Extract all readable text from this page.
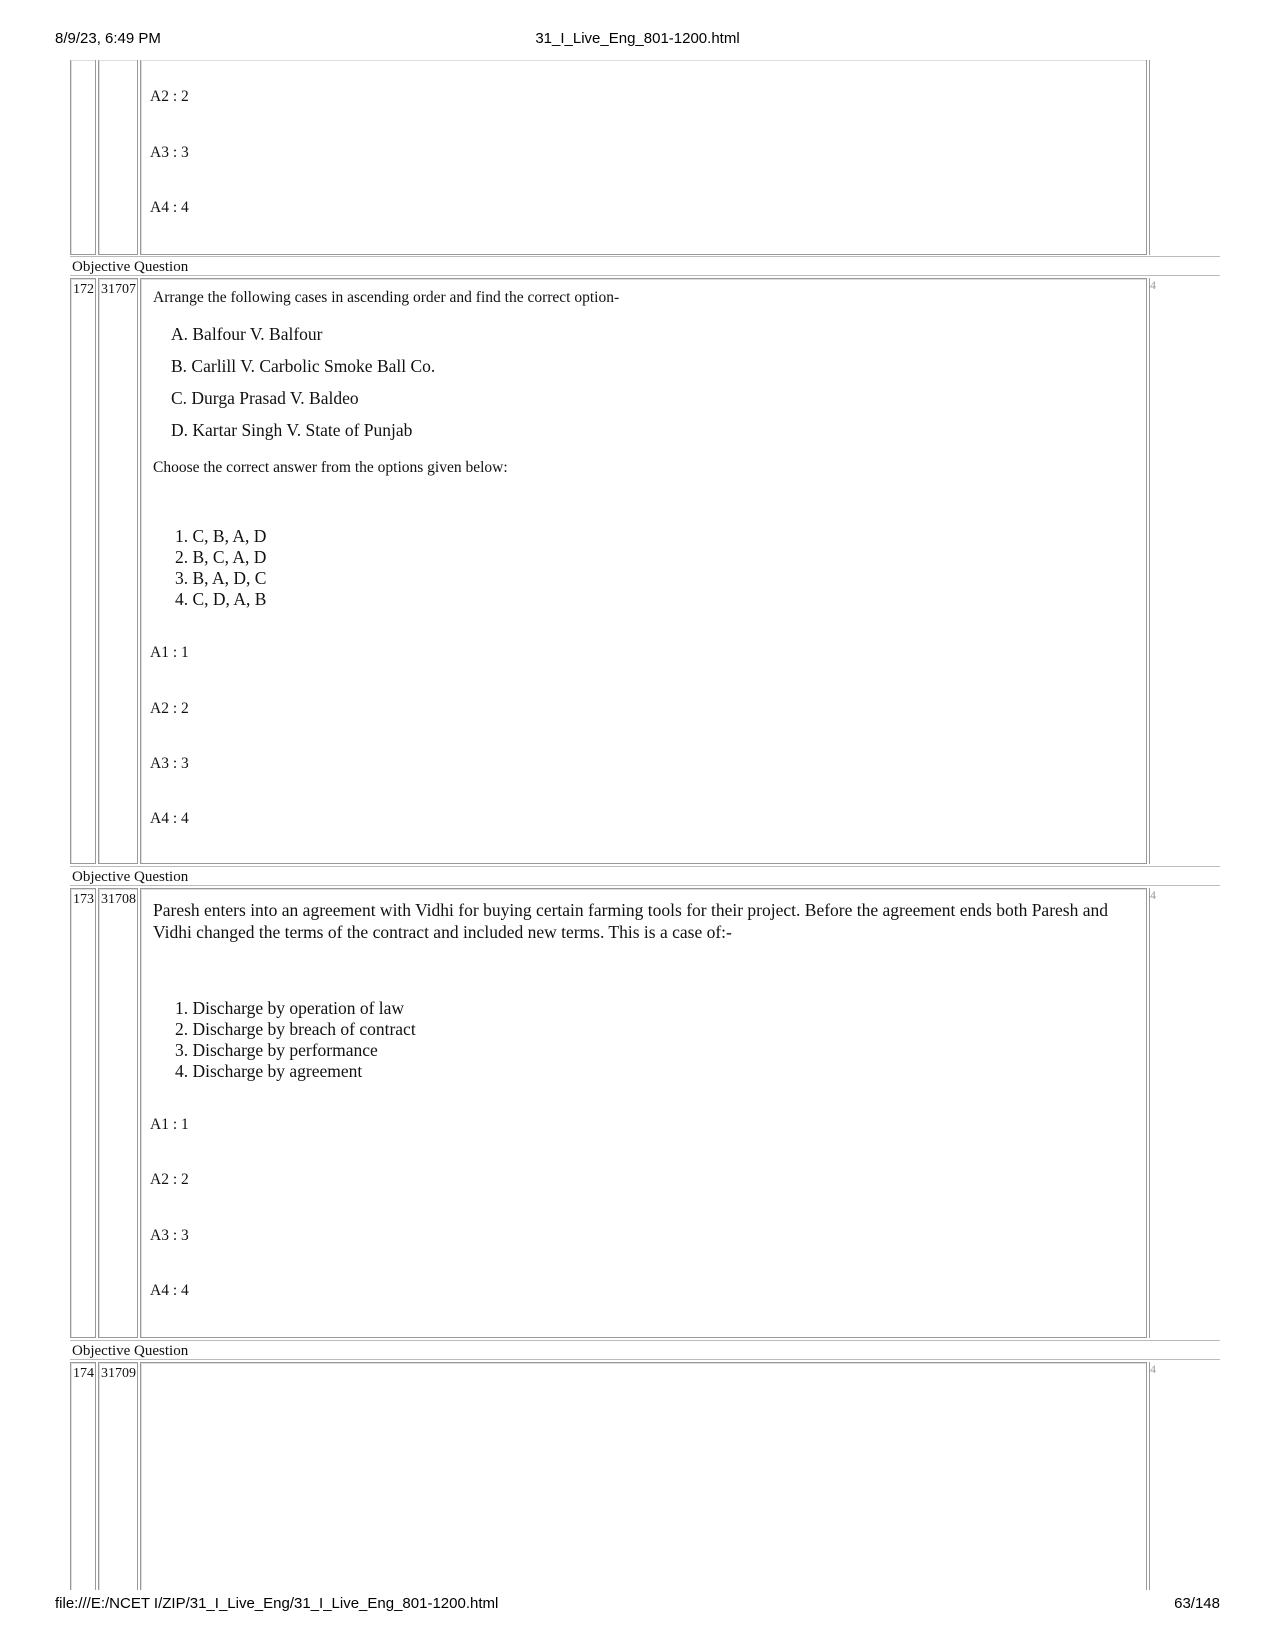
8/9/23, 6:49 PM	31_I_Live_Eng_801-1200.html
A2 : 2
A3 : 3
A4 : 4
Objective Question
172 31707 Arrange the following cases in ascending order and find the correct option-
A. Balfour V. Balfour
B. Carlill V. Carbolic Smoke Ball Co.
C. Durga Prasad V. Baldeo
D. Kartar Singh V. State of Punjab
Choose the correct answer from the options given below:
1. C, B, A, D
2. B, C, A, D
3. B, A, D, C
4. C, D, A, B
A1 : 1
A2 : 2
A3 : 3
A4 : 4
4
Objective Question
173 31708
Paresh enters into an agreement with Vidhi for buying certain farming tools for their project. Before the agreement ends both Paresh and Vidhi changed the terms of the contract and included new terms. This is a case of:-
1. Discharge by operation of law
2. Discharge by breach of contract
3. Discharge by performance
4. Discharge by agreement
A1 : 1
A2 : 2
A3 : 3
A4 : 4
4
Objective Question
174 31709	4
file:///E:/NCET I/ZIP/31_I_Live_Eng/31_I_Live_Eng_801-1200.html	63/148
